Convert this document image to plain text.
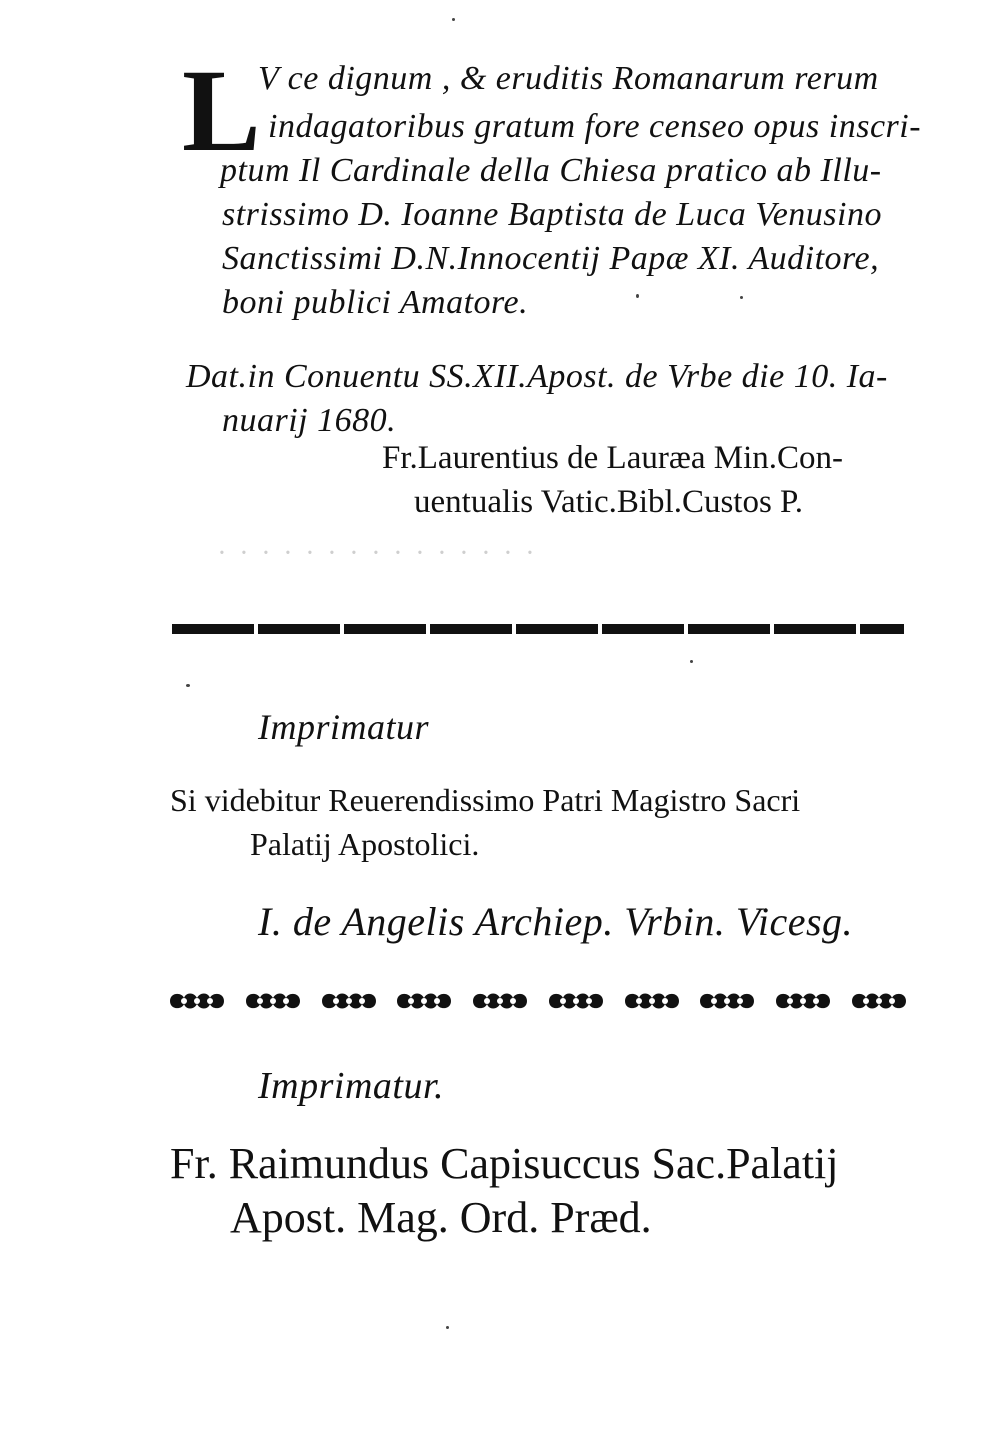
L
V ce dignum , & eruditis Romanarum rerum
indagatoribus gratum fore censeo opus inscri-
ptum Il Cardinale della Chiesa pratico ab Illu-
strissimo D. Ioanne Baptista de Luca Venusino
Sanctissimi D.N.Innocentij Papæ XI. Auditore,
boni publici Amatore.
Dat.in Conuentu SS.XII.Apost. de Vrbe die 10. Ia-
nuarij 1680.
Fr.Laurentius de Lauræa Min.Con-
uentualis Vatic.Bibl.Custos P.
· · · · · · · · · · · · · · ·
Imprimatur
Si videbitur Reuerendissimo Patri Magistro Sacri
Palatij Apostolici.
I. de Angelis Archiep. Vrbin. Vicesg.
Imprimatur.
Fr. Raimundus Capisuccus Sac.Palatij
Apost. Mag. Ord. Præd.
